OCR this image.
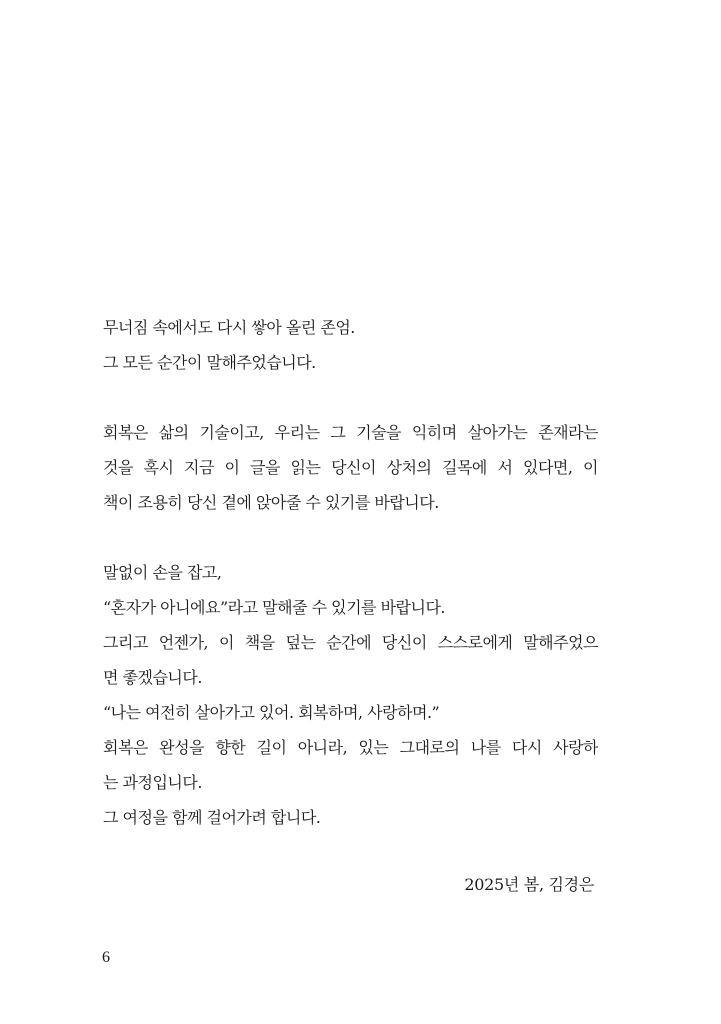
무너짐 속에서도 다시 쌓아 올린 존엄.
그 모든 순간이 말해주었습니다.
회복은 삶의 기술이고, 우리는 그 기술을 익히며 살아가는 존재라는
것을 혹시 지금 이 글을 읽는 당신이 상처의 길목에 서 있다면, 이
책이 조용히 당신 곁에 앉아줄 수 있기를 바랍니다.
말없이 손을 잡고,
“혼자가 아니에요”라고 말해줄 수 있기를 바랍니다.
그리고 언젠가, 이 책을 덮는 순간에 당신이 스스로에게 말해주었으
면 좋겠습니다.
“나는 여전히 살아가고 있어. 회복하며, 사랑하며.”
회복은 완성을 향한 길이 아니라, 있는 그대로의 나를 다시 사랑하
는 과정입니다.
그 여정을 함께 걸어가려 합니다.
2025년 봄, 김경은
6
